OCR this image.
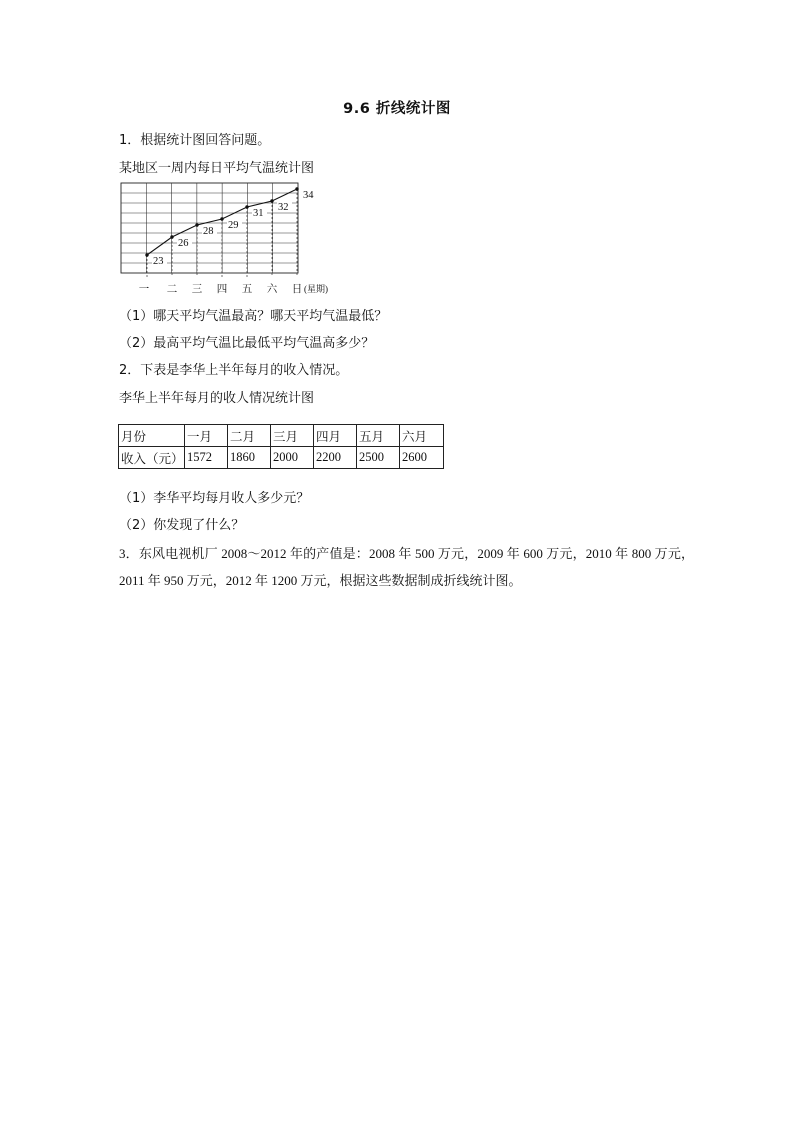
9.6 折线统计图
1．根据统计图回答问题。
某地区一周内每日平均气温统计图
23
26
28
29
31
32
34
一 二 三 四 五 六 日 (星期)
（1）哪天平均气温最高？哪天平均气温最低？
（2）最高平均气温比最低平均气温高多少？
2．下表是李华上半年每月的收入情况。
李华上半年每月的收人情况统计图
月份	一月	二月	三月	四月	五月	六月
收入（元）	1572	1860	2000	2200	2500	2600
（1）李华平均每月收人多少元？
（2）你发现了什么？
3．东风电视机厂 2008～2012 年的产值是：2008 年 500 万元，2009 年 600 万元，2010 年 800 万元，2011 年 950 万元，2012 年 1200 万元，根据这些数据制成折线统计图。
